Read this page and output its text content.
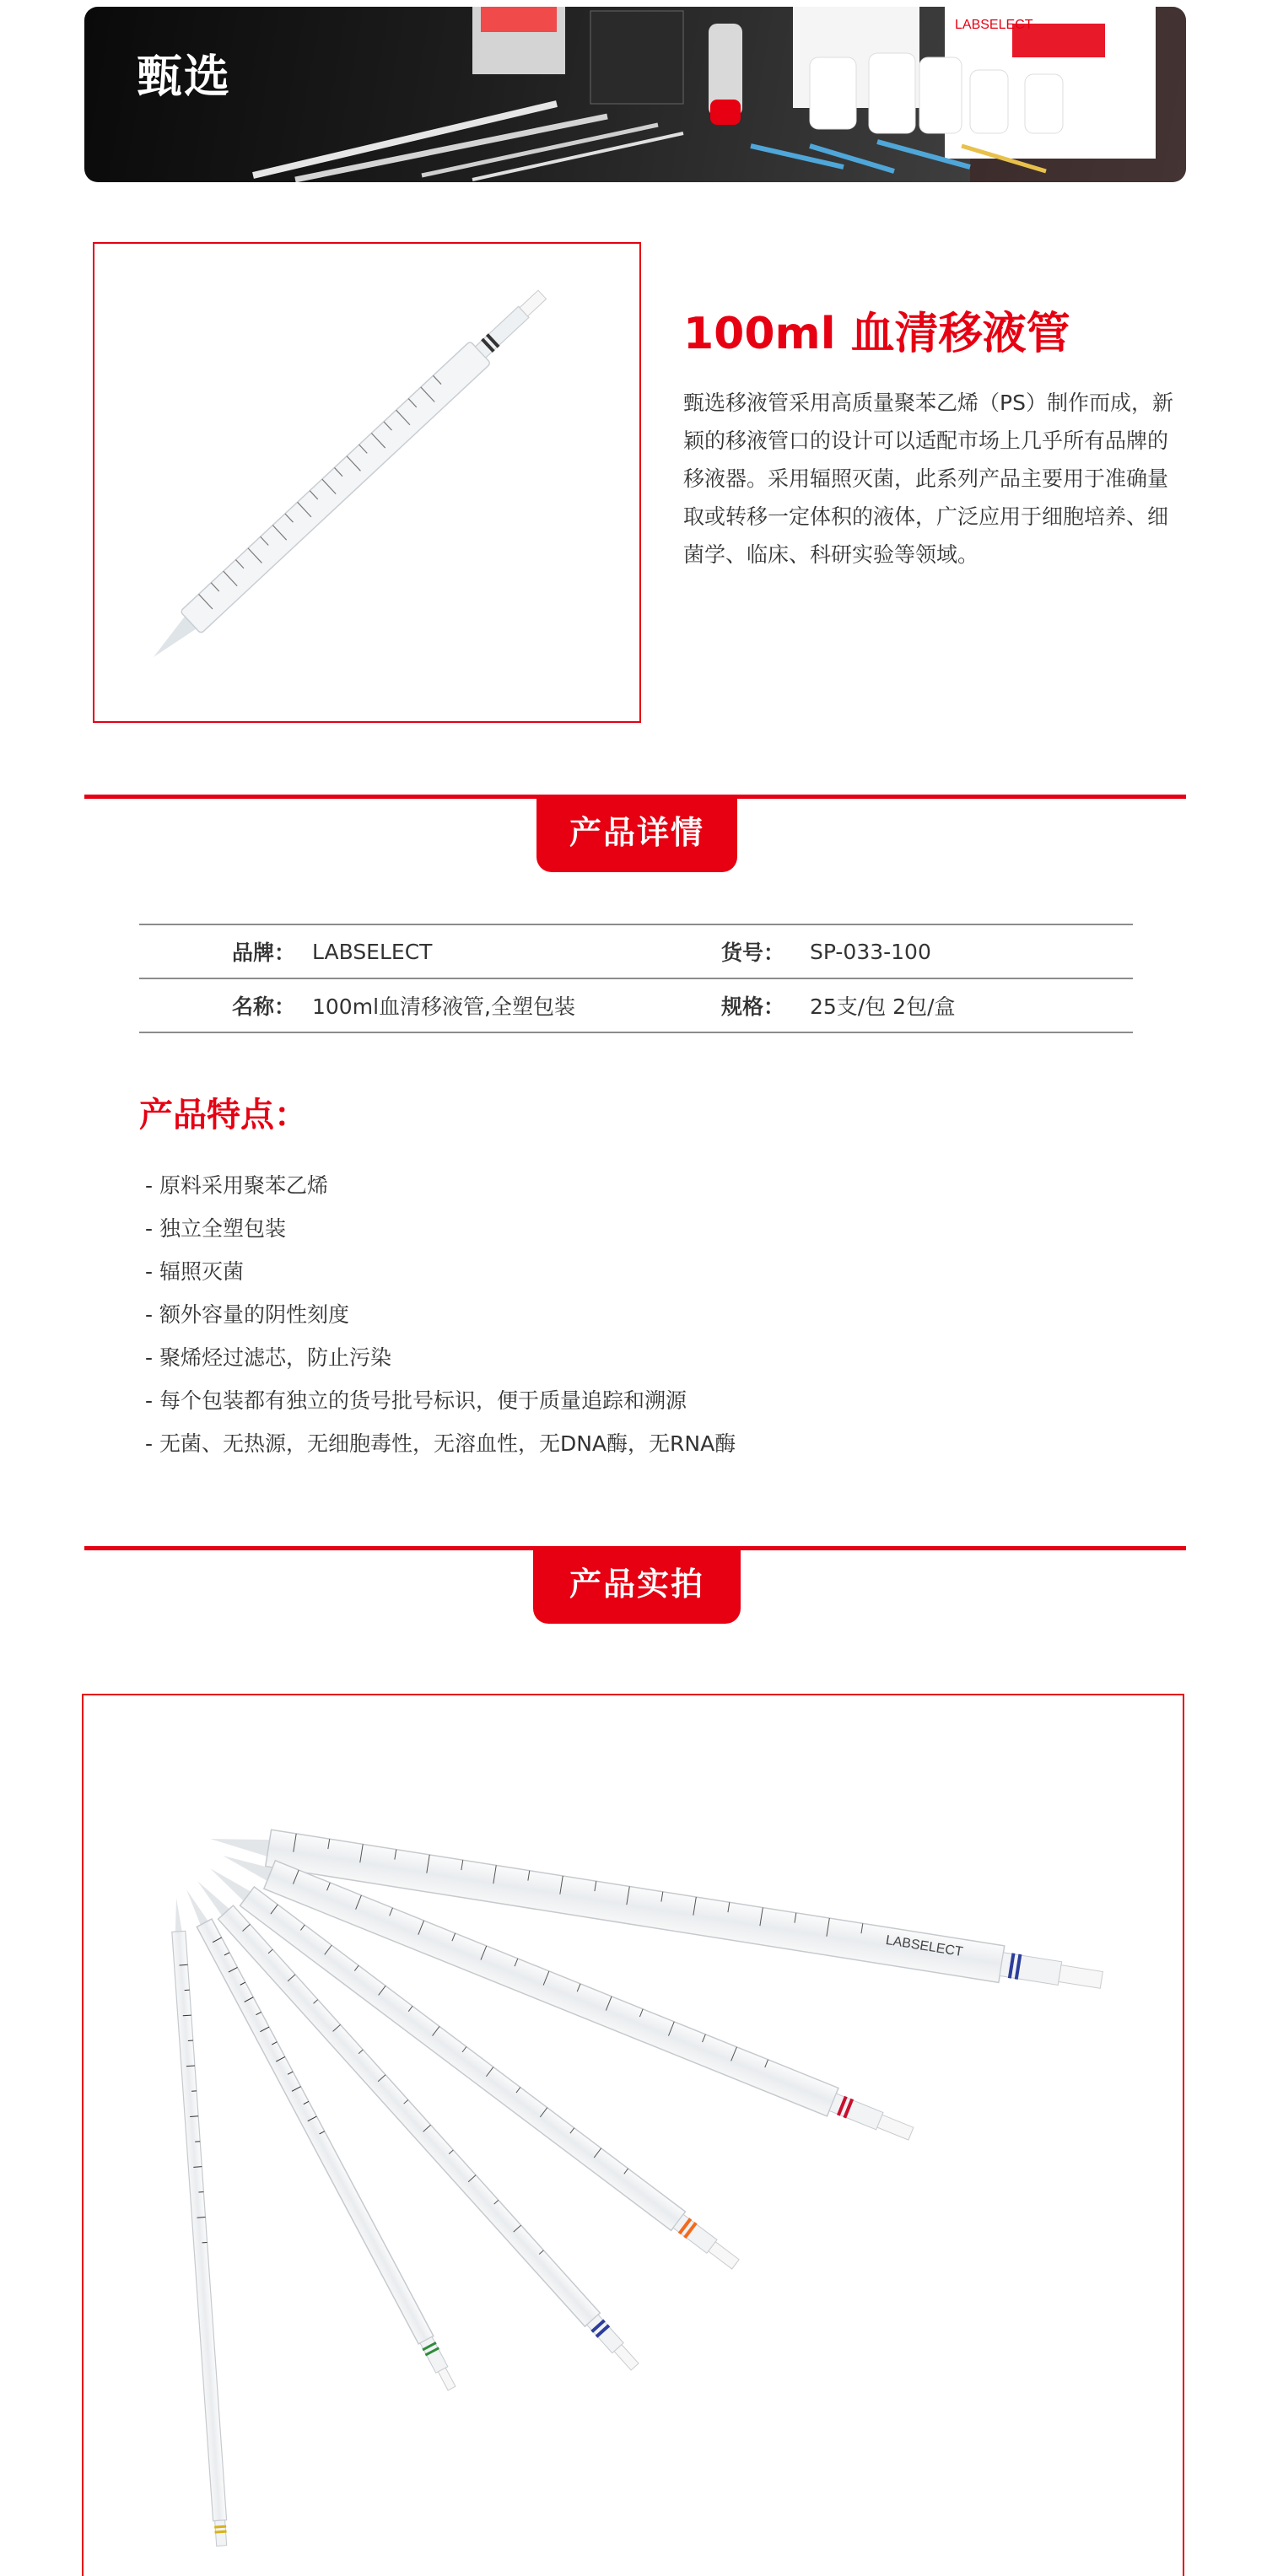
LABSELECT
甄选
100ml 血清移液管

甄选移液管采用高质量聚苯乙烯（PS）制作而成，新颖的移液管口的设计可以适配市场上几乎所有品牌的移液器。采用辐照灭菌，此系列产品主要用于准确量取或转移一定体积的液体，广泛应用于细胞培养、细菌学、临床、科研实验等领域。

产品详情
品牌： LABSELECT	货号：	SP-033-100
名称： 100ml血清移液管,全塑包装	规格：	25支/包 2包/盒
产品特点：
- 原料采用聚苯乙烯
- 独立全塑包装
- 辐照灭菌
- 额外容量的阴性刻度
- 聚烯烃过滤芯，防止污染
- 每个包装都有独立的货号批号标识，便于质量追踪和溯源
- 无菌、无热源，无细胞毒性，无溶血性，无DNA酶，无RNA酶
产品实拍
LABSELECT
